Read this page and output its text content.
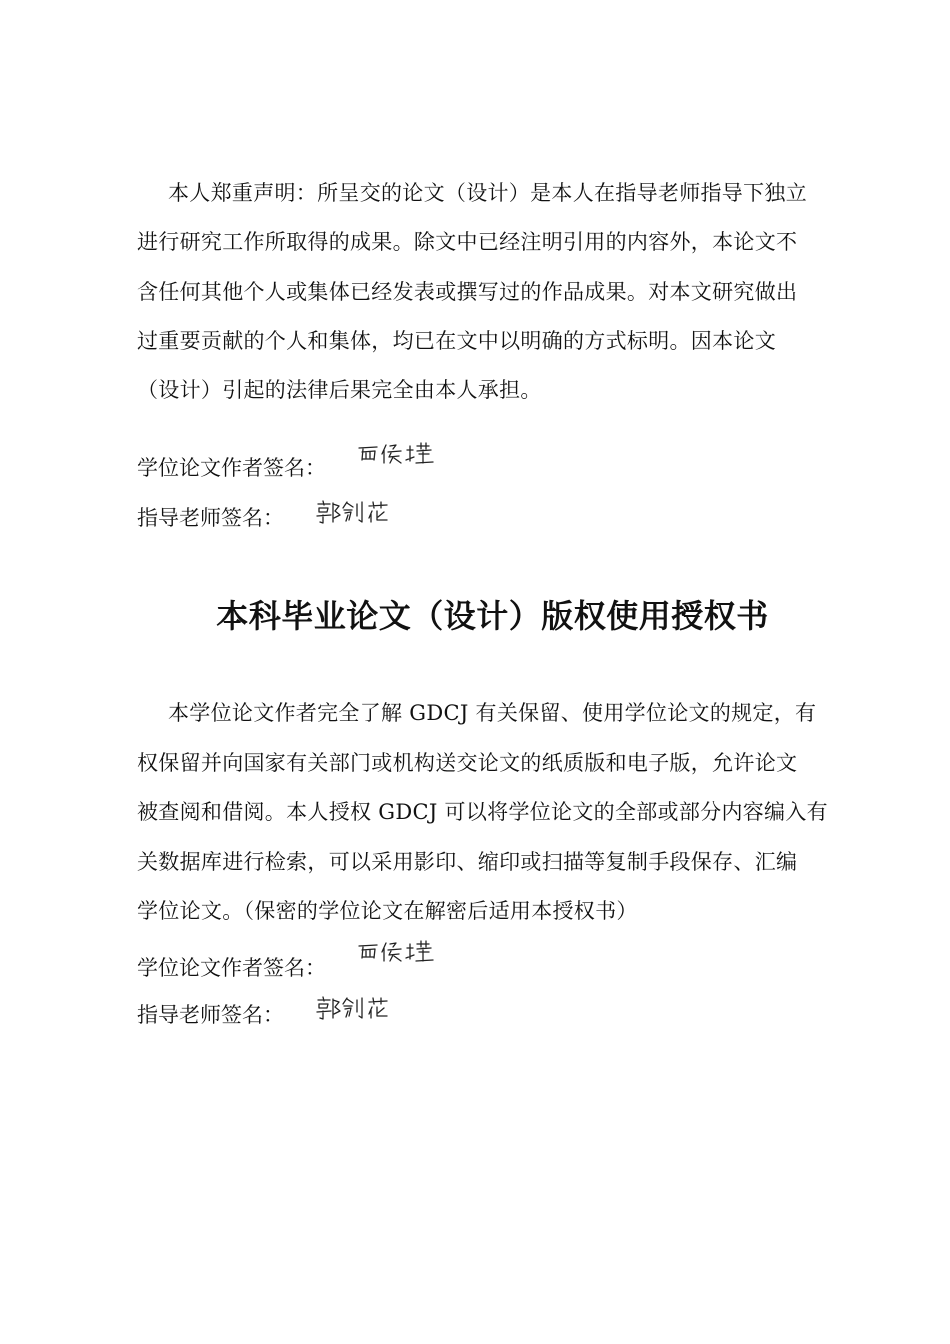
本人郑重声明：所呈交的论文（设计）是本人在指导老师指导下独立
进行研究工作所取得的成果。除文中已经注明引用的内容外，本论文不
含任何其他个人或集体已经发表或撰写过的作品成果。对本文研究做出
过重要贡献的个人和集体，均已在文中以明确的方式标明。因本论文
（设计）引起的法律后果完全由本人承担。
学位论文作者签名：
指导老师签名：
本科毕业论文（设计）版权使用授权书
本学位论文作者完全了解 GDCJ 有关保留、使用学位论文的规定，有
权保留并向国家有关部门或机构送交论文的纸质版和电子版，允许论文
被查阅和借阅。本人授权 GDCJ 可以将学位论文的全部或部分内容编入有
关数据库进行检索，可以采用影印、缩印或扫描等复制手段保存、汇编
学位论文。（保密的学位论文在解密后适用本授权书）
学位论文作者签名：
指导老师签名：
